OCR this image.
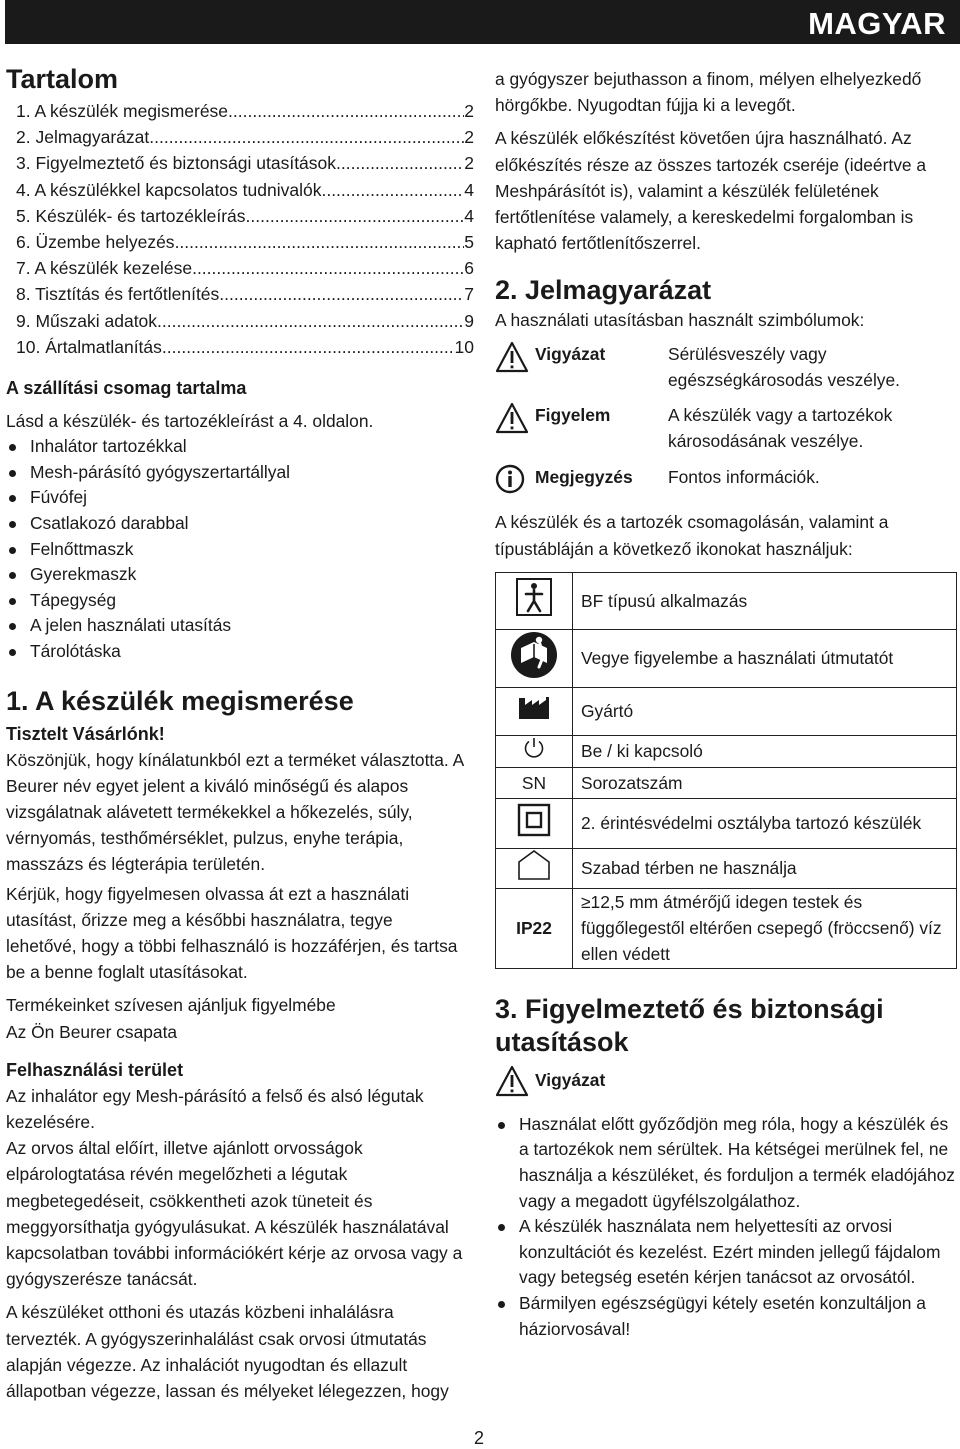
MAGYAR
Tartalom
1. A készülék megismerése .....	2
2. Jelmagyarázat .....	2
3. Figyelmeztető és biztonsági utasítások .....	2
4. A készülékkel kapcsolatos tudnivalók .....	4
5. Készülék- és tartozékleírás .....	4
6. Üzembe helyezés .....	5
7. A készülék kezelése .....	6
8. Tisztítás és fertőtlenítés .....	7
9. Műszaki adatok .....	9
10. Ártalmatlanítás .....	10
A szállítási csomag tartalma

Lásd a készülék- és tartozékleírást a 4. oldalon.

Inhalátor tartozékkal
Mesh-párásító gyógyszertartállyal
Fúvófej
Csatlakozó darabbal
Felnőttmaszk
Gyerekmaszk
Tápegység
A jelen használati utasítás
Tárolótáska
1. A készülék megismerése
Tisztelt Vásárlónk!

Köszönjük, hogy kínálatunkból ezt a terméket választotta. A Beurer név egyet jelent a kiváló minőségű és alapos vizsgálatnak alávetett termékekkel a hőkezelés, súly, vérnyomás, testhőmérséklet, pulzus, enyhe terápia, masszázs és légterápia területén.

Kérjük, hogy figyelmesen olvassa át ezt a használati utasítást, őrizze meg a későbbi használatra, tegye lehetővé, hogy a többi felhasználó is hozzáférjen, és tartsa be a benne foglalt utasításokat.

Termékeinket szívesen ajánljuk figyelmébe

Az Ön Beurer csapata

Felhasználási terület

Az inhalátor egy Mesh-párásító a felső és alsó légutak kezelésére.

Az orvos által előírt, illetve ajánlott orvosságok elpárologtatása révén megelőzheti a légutak megbetegedéseit, csökkentheti azok tüneteit és meggyorsíthatja gyógyulásukat. A készülék használatával kapcsolatban további információkért kérje az orvosa vagy a gyógyszerésze tanácsát.

A készüléket otthoni és utazás közbeni inhalálásra tervezték. A gyógyszerinhalálást csak orvosi útmutatás alapján végezze. Az inhalációt nyugodtan és ellazult állapotban végezze, lassan és mélyeket lélegezzen, hogy

a gyógyszer bejuthasson a finom, mélyen elhelyezkedő hörgőkbe. Nyugodtan fújja ki a levegőt.

A készülék előkészítést követően újra használható. Az előkészítés része az összes tartozék cseréje (ideértve a Meshpárásítót is), valamint a készülék felületének fertőtlenítése valamely, a kereskedelmi forgalomban is kapható fertőtlenítőszerrel.

2. Jelmagyarázat

A használati utasításban használt szimbólumok:

Vigyázat	Sérülésveszély vagy egészségkárosodás veszélye.
Figyelem	A készülék vagy a tartozékok károsodásának veszélye.
Megjegyzés	Fontos információk.

A készülék és a tartozék csomagolásán, valamint a típustábláján a következő ikonokat használjuk:

	BF típusú alkalmazás
	Vegye figyelembe a használati útmutatót
	Gyártó
	Be / ki kapcsoló
SN	Sorozatszám
	2. érintésvédelmi osztályba tartozó készülék
	Szabad térben ne használja
IP22	≥12,5 mm átmérőjű idegen testek és függőlegestől eltérően csepegő (fröccsenő) víz ellen védett
3. Figyelmeztető és biztonsági utasítások
Vigyázat
Használat előtt győződjön meg róla, hogy a készülék és a tartozékok nem sérültek. Ha kétségei merülnek fel, ne használja a készüléket, és forduljon a termék eladójához vagy a megadott ügyfélszolgálathoz.
A készülék használata nem helyettesíti az orvosi konzultációt és kezelést. Ezért minden jellegű fájdalom vagy betegség esetén kérjen tanácsot az orvosától.
Bármilyen egészségügyi kétely esetén konzultáljon a háziorvosával!
2
